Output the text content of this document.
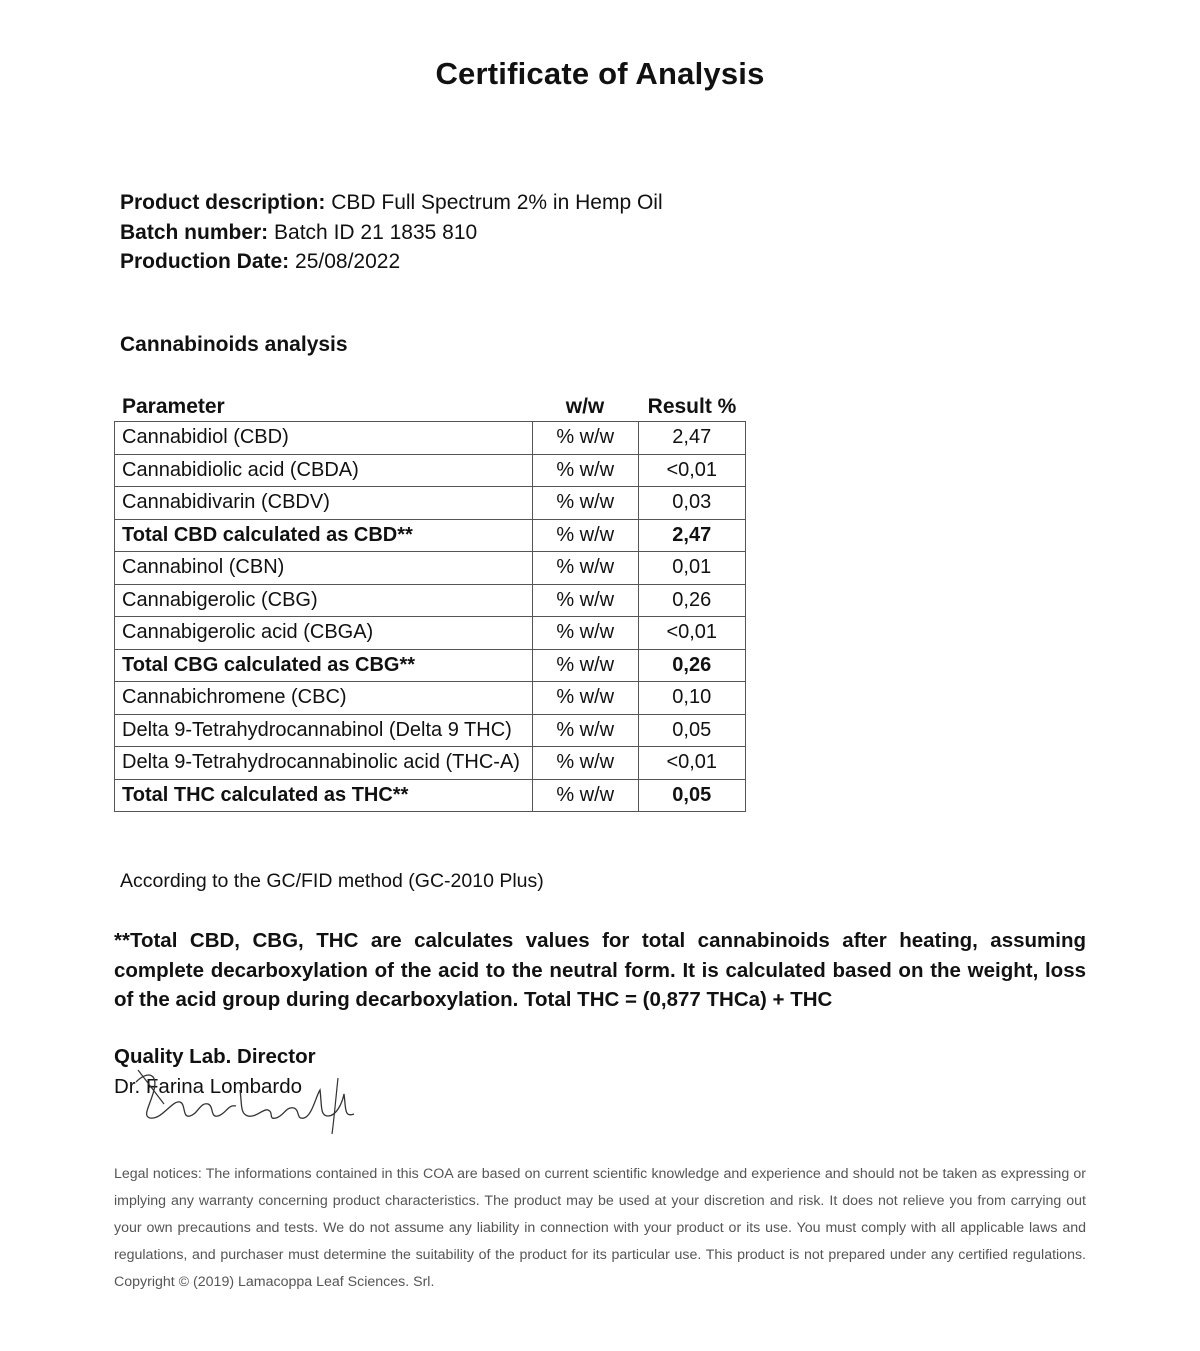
Certificate of Analysis
Product description: CBD Full Spectrum 2% in Hemp Oil
Batch number: Batch ID 21 1835 810
Production Date: 25/08/2022
Cannabinoids analysis
Parameter	w/w	Result %
Cannabidiol (CBD)	% w/w	2,47
Cannabidiolic acid (CBDA)	% w/w	<0,01
Cannabidivarin (CBDV)	% w/w	0,03
Total CBD calculated as CBD**	% w/w	2,47
Cannabinol (CBN)	% w/w	0,01
Cannabigerolic (CBG)	% w/w	0,26
Cannabigerolic acid (CBGA)	% w/w	<0,01
Total CBG calculated as CBG**	% w/w	0,26
Cannabichromene (CBC)	% w/w	0,10
Delta 9-Tetrahydrocannabinol (Delta 9 THC)	% w/w	0,05
Delta 9-Tetrahydrocannabinolic acid (THC-A)	% w/w	<0,01
Total THC calculated as THC**	% w/w	0,05

According to the GC/FID method (GC-2010 Plus)

**Total CBD, CBG, THC are calculates values for total cannabinoids after heating, assuming complete decarboxylation of the acid to the neutral form. It is calculated based on the weight, loss of the acid group during decarboxylation. Total THC = (0,877 THCa) + THC

Quality Lab. Director
Dr. Farina Lombardo

Legal notices: The informations contained in this COA are based on current scientific knowledge and experience and should not be taken as expressing or implying any warranty concerning product characteristics. The product may be used at your discretion and risk. It does not relieve you from carrying out your own precautions and tests. We do not assume any liability in connection with your product or its use. You must comply with all applicable laws and regulations, and purchaser must determine the suitability of the product for its particular use. This product is not prepared under any certified regulations. Copyright © (2019) Lamacoppa Leaf Sciences. Srl.
